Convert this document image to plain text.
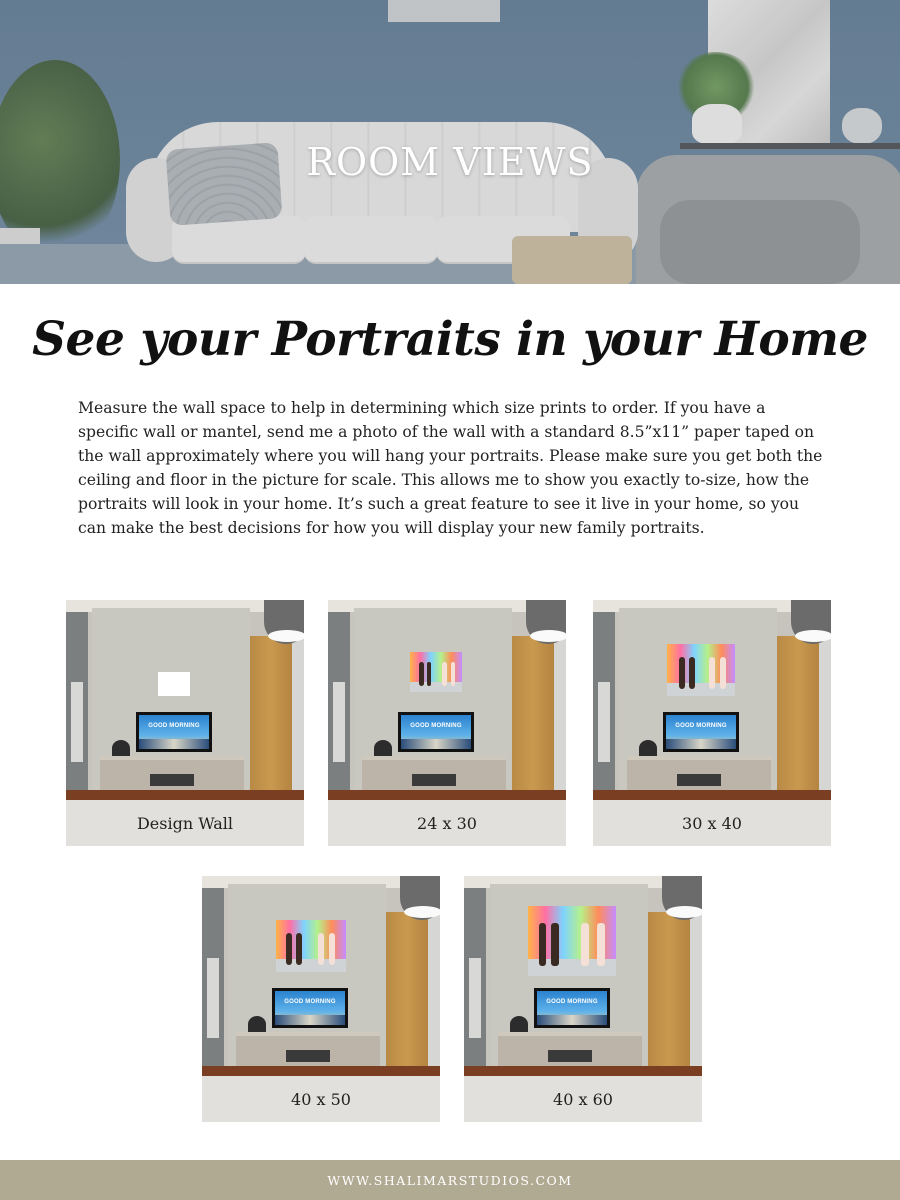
ROOM VIEWS
See your Portraits in your Home

Measure the wall space to help in determining which size prints to order. If you have a specific wall or mantel, send me a photo of the wall with a standard 8.5”x11” paper taped on the wall approximately where you will hang your portraits. Please make sure you get both the ceiling and floor in the picture for scale. This allows me to show you exactly to-size, how the portraits will look in your home. It’s such a great feature to see it live in your home, so you can make the best decisions for how you will display your new family portraits.

GOOD MORNING
Design Wall
GOOD MORNING
24 x 30
GOOD MORNING
30 x 40
GOOD MORNING
40 x 50
GOOD MORNING
40 x 60
WWW.SHALIMARSTUDIOS.COM
